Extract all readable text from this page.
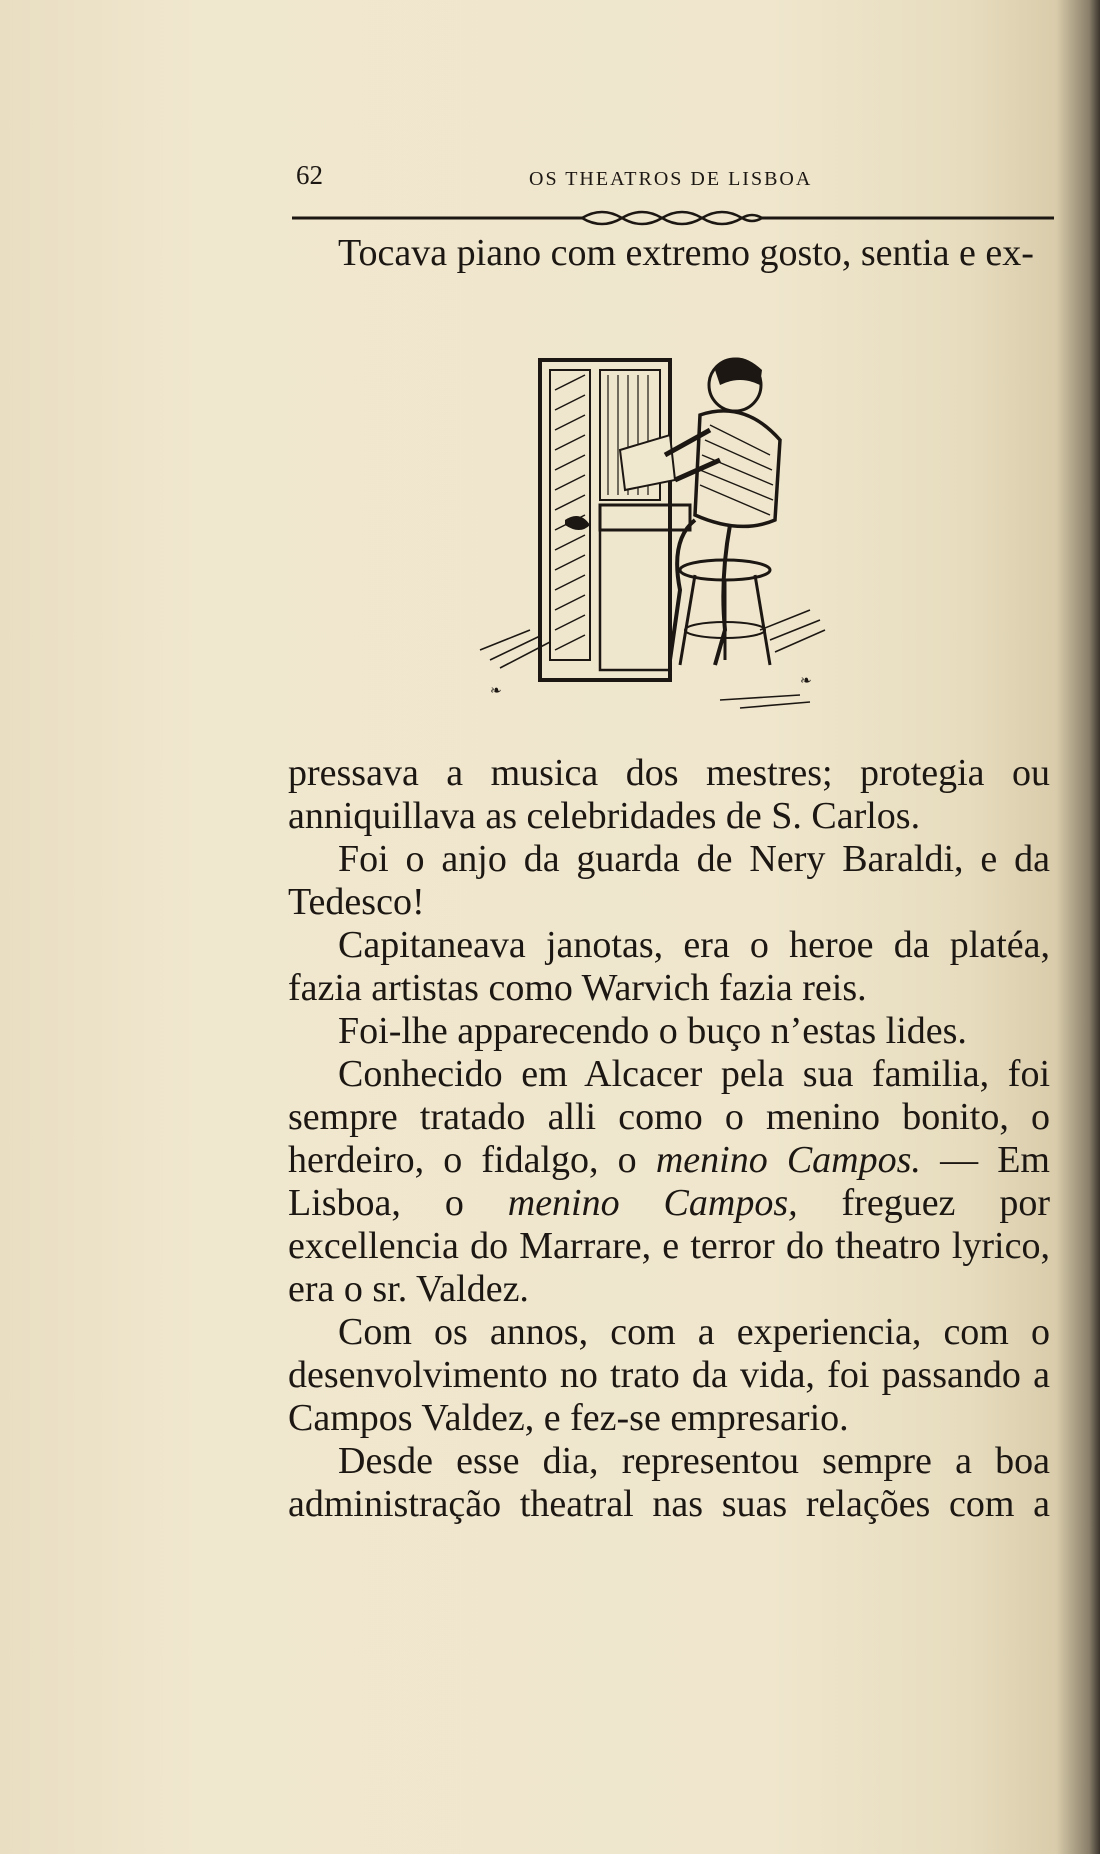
62	OS THEATROS DE LISBOA

Tocava piano com extremo gosto, sentia e ex-

❧
❧

pressava a musica dos mestres; protegia ou anniquillava as celebridades de S. Carlos.

Foi o anjo da guarda de Nery Baraldi, e da Tedesco!

Capitaneava janotas, era o heroe da platéa, fazia artistas como Warvich fazia reis.

Foi-lhe apparecendo o buço n’estas lides.

Conhecido em Alcacer pela sua familia, foi sempre tratado alli como o menino bonito, o herdeiro, o fidalgo, o menino Campos. — Em Lisboa, o menino Campos, freguez por excellencia do Marrare, e terror do theatro lyrico, era o sr. Valdez.

Com os annos, com a experiencia, com o desenvolvimento no trato da vida, foi passando a Campos Valdez, e fez-se empresario.

Desde esse dia, representou sempre a boa administração theatral nas suas relações com a
